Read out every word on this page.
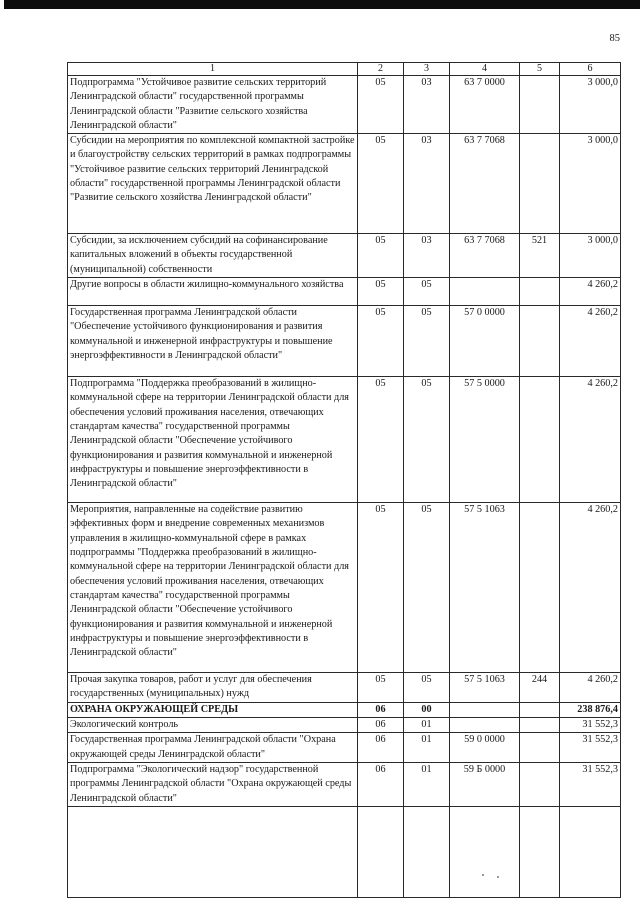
85
1	2	3	4	5	6
Подпрограмма "Устойчивое развитие сельских территорий Ленинградской области" государственной программы Ленинградской области "Развитие сельского хозяйства Ленинградской области"	05	03	63 7 0000		3 000,0
Субсидии на мероприятия по комплексной компактной застройке и благоустройству сельских территорий в рамках подпрограммы "Устойчивое развитие сельских территорий Ленинградской области" государственной программы Ленинградской области "Развитие сельского хозяйства Ленинградской области"	05	03	63 7 7068		3 000,0
Субсидии, за исключением субсидий на софинансирование капитальных вложений в объекты государственной (муниципальной) собственности	05	03	63 7 7068	521	3 000,0
Другие вопросы в области жилищно-коммунального хозяйства	05	05			4 260,2
Государственная программа Ленинградской области "Обеспечение устойчивого функционирования и развития коммунальной и инженерной инфраструктуры и повышение энергоэффективности в Ленинградской области"	05	05	57 0 0000		4 260,2
Подпрограмма "Поддержка преобразований в жилищно-коммунальной сфере на территории Ленинградской области для обеспечения условий проживания населения, отвечающих стандартам качества" государственной программы Ленинградской области "Обеспечение устойчивого функционирования и развития коммунальной и инженерной инфраструктуры и повышение энергоэффективности в Ленинградской области"	05	05	57 5 0000		4 260,2
Мероприятия, направленные на содействие развитию эффективных форм и внедрение современных механизмов управления в жилищно-коммунальной сфере в рамках подпрограммы "Поддержка преобразований в жилищно-коммунальной сфере на территории Ленинградской области для обеспечения условий проживания населения, отвечающих стандартам качества" государственной программы Ленинградской области "Обеспечение устойчивого функционирования и развития коммунальной и инженерной инфраструктуры и повышение энергоэффективности в Ленинградской области"	05	05	57 5 1063		4 260,2
Прочая закупка товаров, работ и услуг для обеспечения государственных (муниципальных) нужд	05	05	57 5 1063	244	4 260,2
ОХРАНА ОКРУЖАЮЩЕЙ СРЕДЫ	06	00			238 876,4
Экологический контроль	06	01			31 552,3
Государственная программа Ленинградской области "Охрана окружающей среды Ленинградской области"	06	01	59 0 0000		31 552,3
Подпрограмма "Экологический надзор" государственной программы Ленинградской области "Охрана окружающей среды Ленинградской области"	06	01	59 Б 0000		31 552,3
